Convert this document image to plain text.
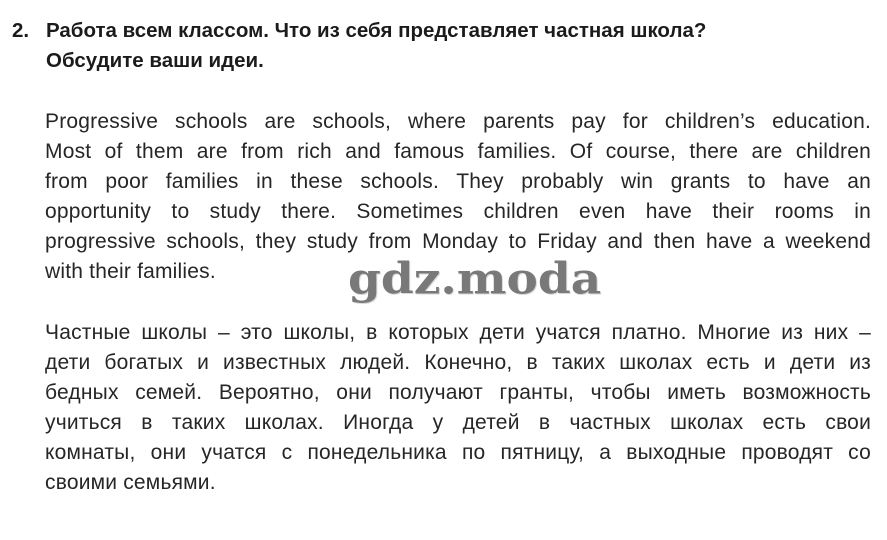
2. Работа всем классом. Что из себя представляет частная школа?
Обсудите ваши идеи.
Progressive schools are schools, where parents pay for children’s education.
Most of them are from rich and famous families. Of course, there are children
from poor families in these schools. They probably win grants to have an
opportunity to study there. Sometimes children even have their rooms in
progressive schools, they study from Monday to Friday and then have a weekend
with their families.	gdz.moda
Частные школы – это школы, в которых дети учатся платно. Многие из них –
дети богатых и известных людей. Конечно, в таких школах есть и дети из
бедных семей. Вероятно, они получают гранты, чтобы иметь возможность
учиться в таких школах. Иногда у детей в частных школах есть свои
комнаты, они учатся с понедельника по пятницу, а выходные проводят со
своими семьями.
